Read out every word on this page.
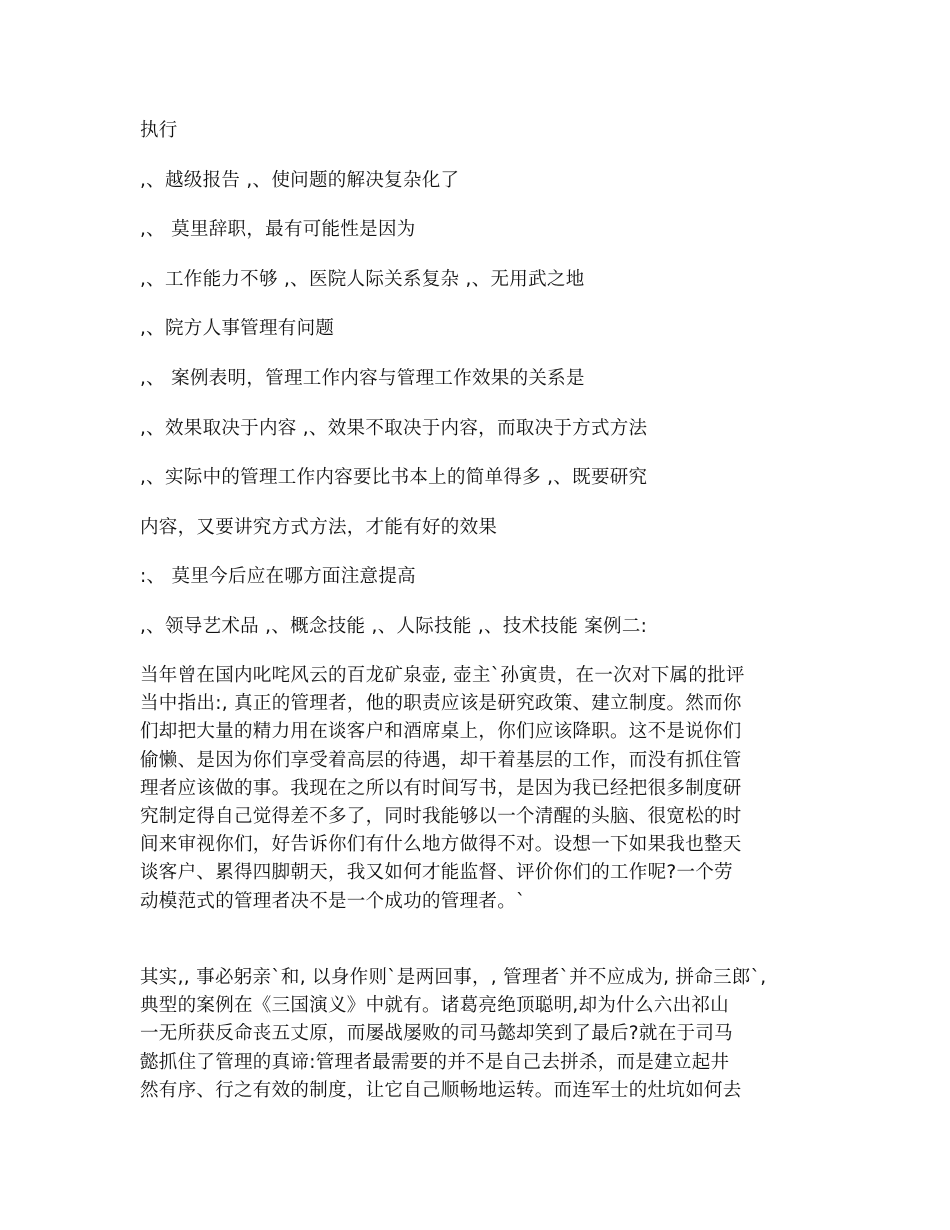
执行
,、越级报告 ,、使问题的解决复杂化了
,、 莫里辞职，最有可能性是因为
,、工作能力不够 ,、医院人际关系复杂 ,、无用武之地
,、院方人事管理有问题
,、 案例表明，管理工作内容与管理工作效果的关系是
,、效果取决于内容 ,、效果不取决于内容，而取决于方式方法
,、实际中的管理工作内容要比书本上的简单得多 ,、既要研究
内容，又要讲究方式方法，才能有好的效果
:、 莫里今后应在哪方面注意提高
,、领导艺术品 ,、概念技能 ,、人际技能 ,、技术技能 案例二:
当年曾在国内叱咤风云的百龙矿泉壶, 壶主`孙寅贵，在一次对下属的批评
当中指出:, 真正的管理者，他的职责应该是研究政策、建立制度。然而你
们却把大量的精力用在谈客户和酒席桌上，你们应该降职。这不是说你们
偷懒、是因为你们享受着高层的待遇，却干着基层的工作，而没有抓住管
理者应该做的事。我现在之所以有时间写书，是因为我已经把很多制度研
究制定得自己觉得差不多了，同时我能够以一个清醒的头脑、很宽松的时
间来审视你们，好告诉你们有什么地方做得不对。设想一下如果我也整天
谈客户、累得四脚朝天，我又如何才能监督、评价你们的工作呢?一个劳
动模范式的管理者决不是一个成功的管理者。`
其实,, 事必躬亲`和, 以身作则`是两回事，, 管理者`并不应成为, 拼命三郎`,
典型的案例在《三国演义》中就有。诸葛亮绝顶聪明,却为什么六出祁山
一无所获反命丧五丈原，而屡战屡败的司马懿却笑到了最后?就在于司马
懿抓住了管理的真谛:管理者最需要的并不是自己去拼杀，而是建立起井
然有序、行之有效的制度，让它自己顺畅地运转。而连军士的灶坑如何去
